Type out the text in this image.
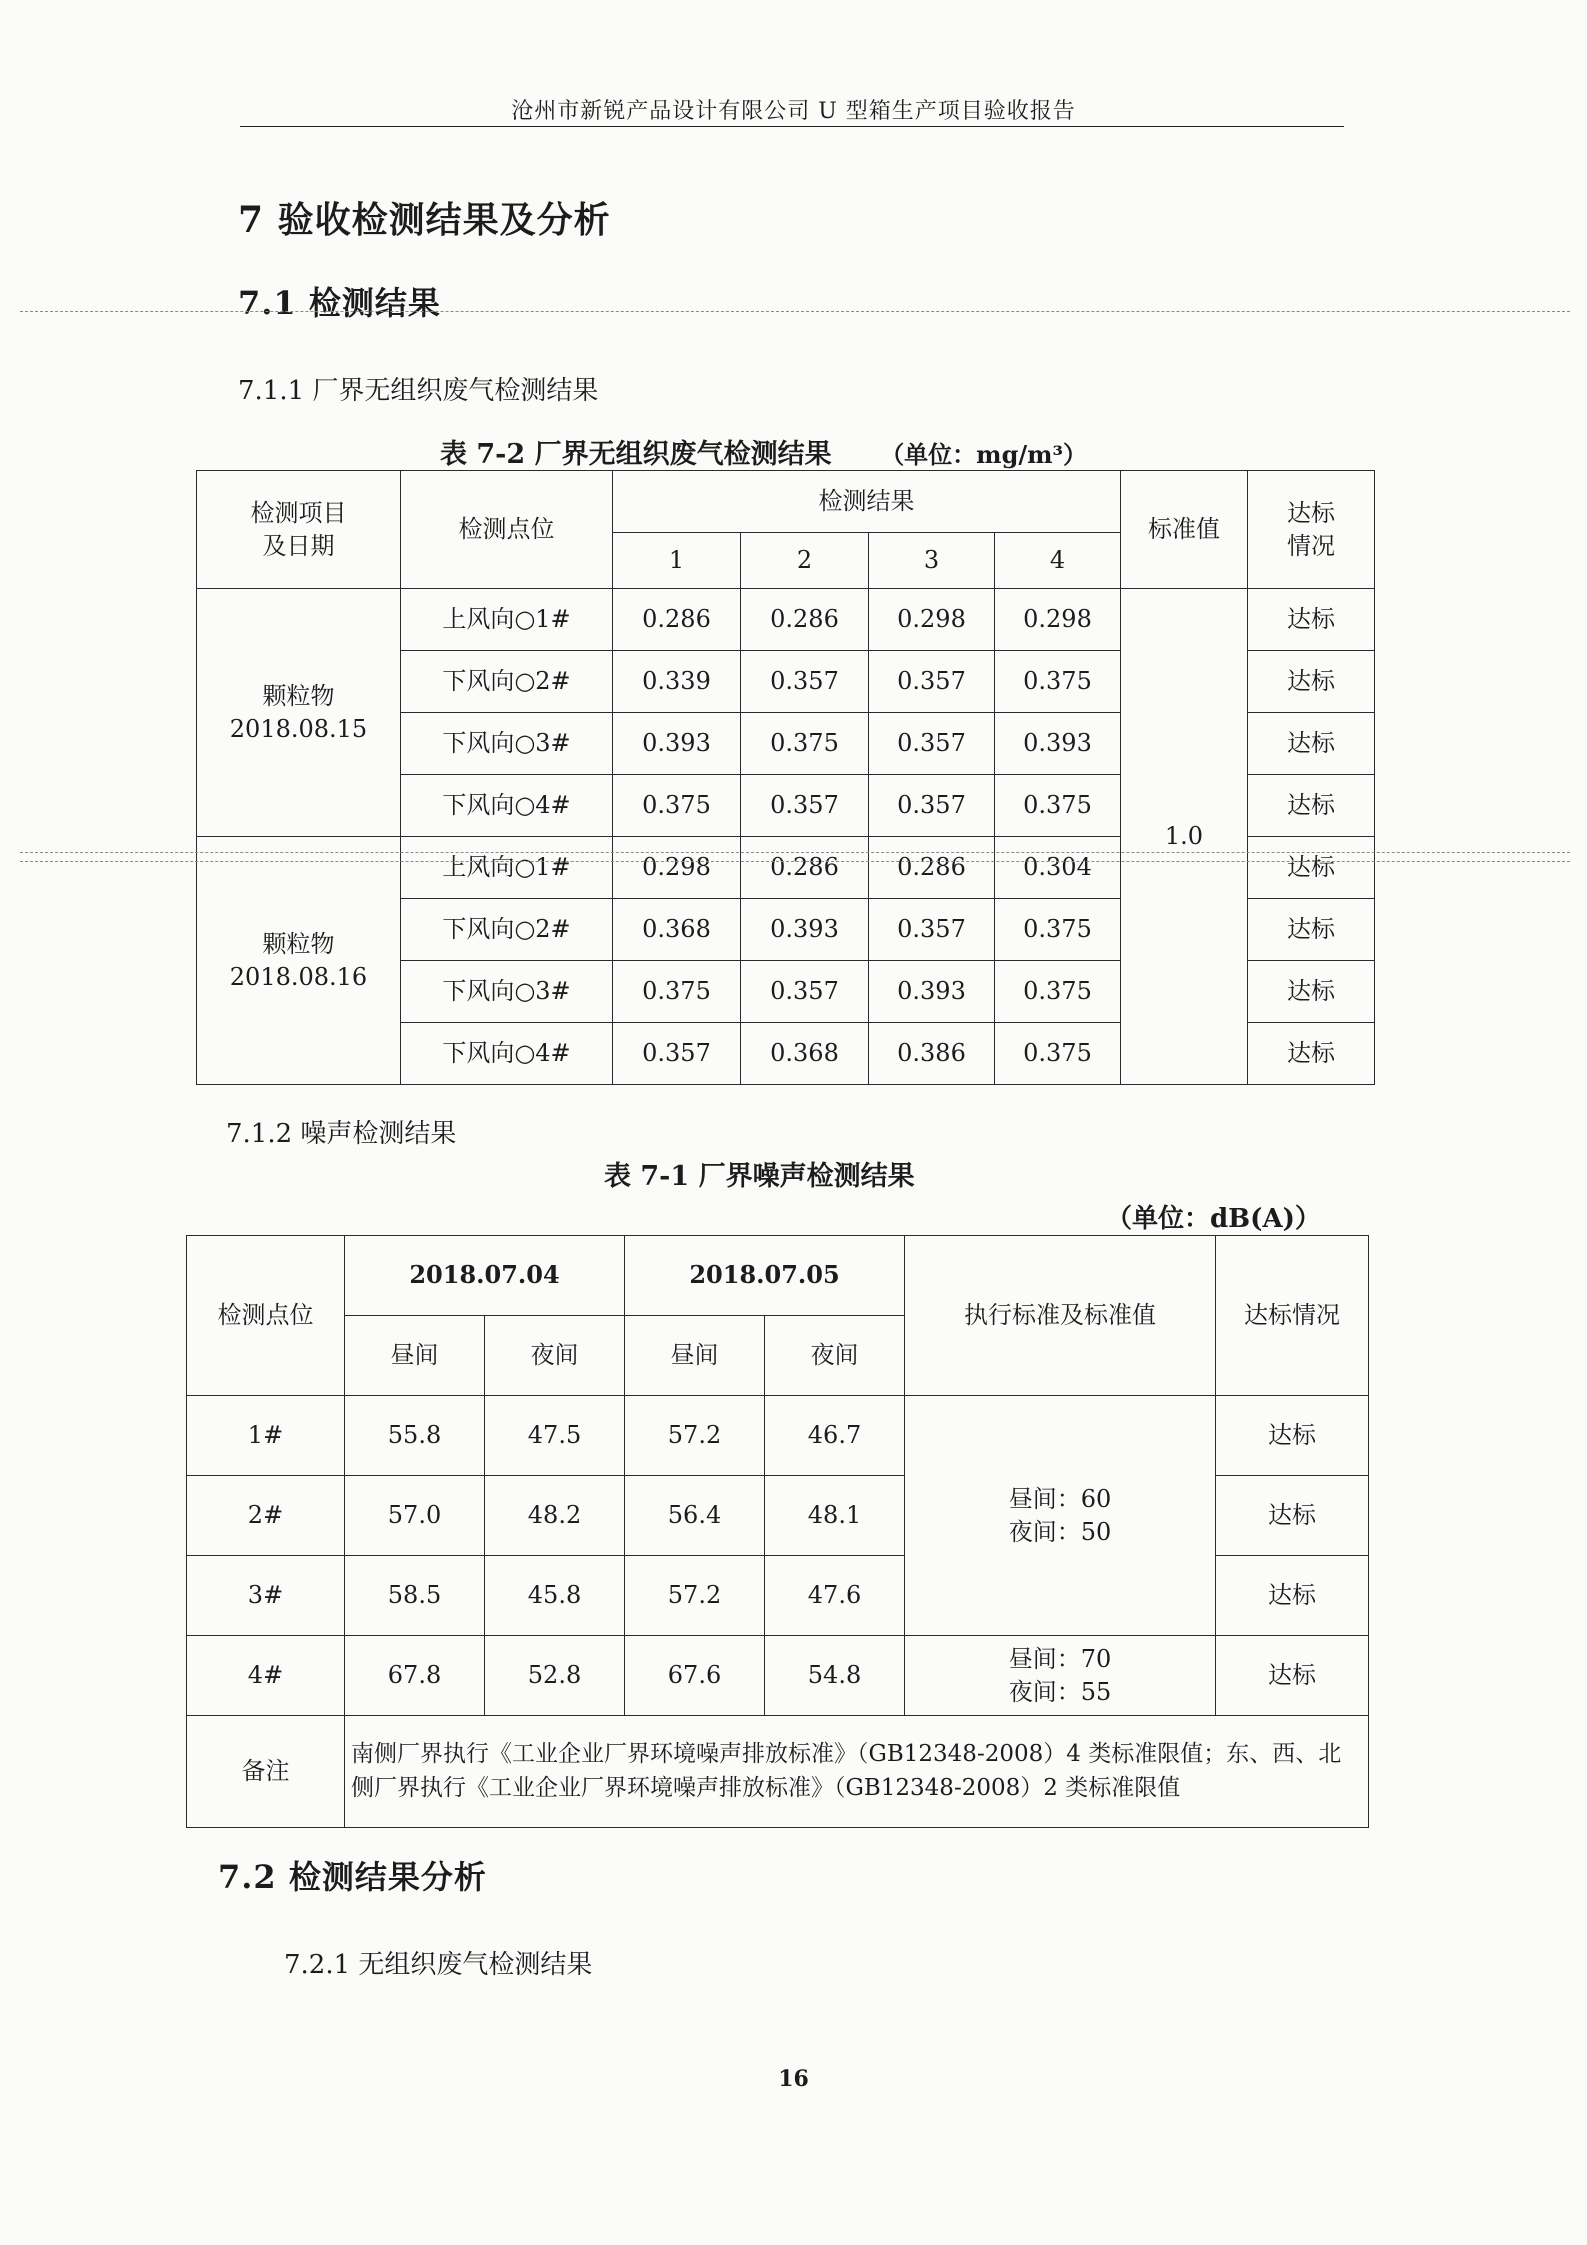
沧州市新锐产品设计有限公司 U 型箱生产项目验收报告
7 验收检测结果及分析
7.1 检测结果
7.1.1 厂界无组织废气检测结果
表 7-2 厂界无组织废气检测结果 （单位：mg/m³）
检测项目
及日期	检测点位	检测结果				标准值	达标
情况
		1	2	3	4		
颗粒物
2018.08.15	上风向○1#	0.286	0.286	0.298	0.298	1.0	达标
	下风向○2#	0.339	0.357	0.357	0.375		达标
	下风向○3#	0.393	0.375	0.357	0.393		达标
	下风向○4#	0.375	0.357	0.357	0.375		达标
颗粒物
2018.08.16	上风向○1#	0.298	0.286	0.286	0.304		达标
	下风向○2#	0.368	0.393	0.357	0.375		达标
	下风向○3#	0.375	0.357	0.393	0.375		达标
	下风向○4#	0.357	0.368	0.386	0.375		达标
7.1.2 噪声检测结果
表 7-1 厂界噪声检测结果
（单位：dB(A)）
检测点位	2018.07.04		2018.07.05		执行标准及标准值	达标情况
	昼间	夜间	昼间	夜间		
1#	55.8	47.5	57.2	46.7	昼间：60
夜间：50	达标
2#	57.0	48.2	56.4	48.1		达标
3#	58.5	45.8	57.2	47.6		达标
4#	67.8	52.8	67.6	54.8	昼间：70
夜间：55	达标
备注	南侧厂界执行《工业企业厂界环境噪声排放标准》（GB12348-2008）4 类标准限值；东、西、北侧厂界执行《工业企业厂界环境噪声排放标准》（GB12348-2008）2 类标准限值					
7.2 检测结果分析
7.2.1 无组织废气检测结果
16
